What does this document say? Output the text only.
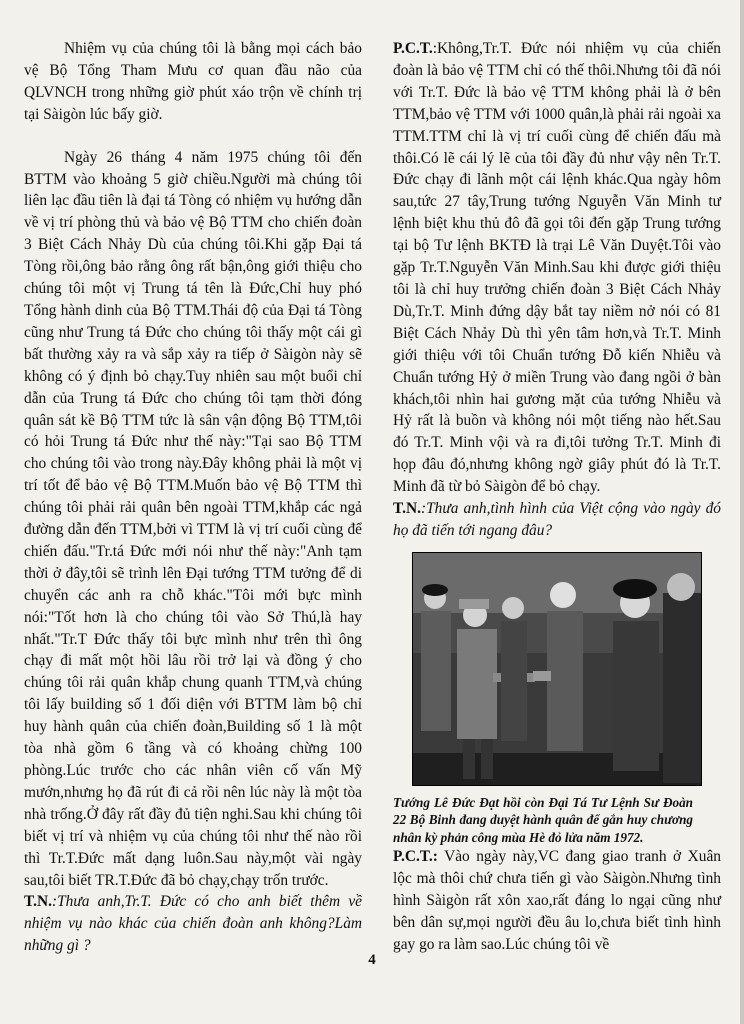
Nhiệm vụ của chúng tôi là bằng mọi cách bảo vệ Bộ Tổng Tham Mưu cơ quan đầu não của QLVNCH trong những giờ phút xáo trộn về chính trị tại Sàigòn lúc bấy giờ.

Ngày 26 tháng 4 năm 1975 chúng tôi đến BTTM vào khoảng 5 giờ chiều.Người mà chúng tôi liên lạc đầu tiên là đại tá Tòng có nhiệm vụ hướng dẫn về vị trí phòng thủ và bảo vệ Bộ TTM cho chiến đoàn 3 Biệt Cách Nhảy Dù của chúng tôi.Khi gặp Đại tá Tòng rồi,ông bảo rằng ông rất bận,ông giới thiệu cho chúng tôi một vị Trung tá tên là Đức,Chỉ huy phó Tổng hành dinh của Bộ TTM.Thái độ của Đại tá Tòng cũng như Trung tá Đức cho chúng tôi thấy một cái gì bất thường xảy ra và sắp xảy ra tiếp ở Sàigòn này sẽ không có ý định bỏ chạy.Tuy nhiên sau một buổi chỉ dẫn của Trung tá Đức cho chúng tôi tạm thời đóng quân sát kề Bộ TTM tức là sân vận động Bộ TTM,tôi có hỏi Trung tá Đức như thế này:"Tại sao Bộ TTM cho chúng tôi vào trong này.Đây không phải là một vị trí tốt để bảo vệ Bộ TTM.Muốn bảo vệ Bộ TTM thì chúng tôi phải rải quân bên ngoài TTM,khắp các ngả đường dẫn đến TTM,bởi vì TTM là vị trí cuối cùng để chiến đấu."Tr.tá Đức mới nói như thế này:"Anh tạm thời ở đây,tôi sẽ trình lên Đại tướng TTM tưởng để di chuyển các anh ra chỗ khác."Tôi mới bực mình nói:"Tốt hơn là cho chúng tôi vào Sở Thú,là hay nhất."Tr.T Đức thấy tôi bực mình như trên thì ông chạy đi mất một hồi lâu rồi trở lại và đồng ý cho chúng tôi rải quân khắp chung quanh TTM,và chúng tôi lấy building số 1 đối diện với BTTM làm bộ chỉ huy hành quân của chiến đoàn,Building số 1 là một tòa nhà gồm 6 tầng và có khoảng chừng 100 phòng.Lúc trước cho các nhân viên cố vấn Mỹ mướn,nhưng họ đã rút đi cả rồi nên lúc này là một tòa nhà trống.Ở đây rất đầy đủ tiện nghi.Sau khi chúng tôi biết vị trí và nhiệm vụ của chúng tôi như thế nào rồi thì Tr.T.Đức mất dạng luôn.Sau này,một vài ngày sau,tôi biết TR.T.Đức đã bỏ chạy,chạy trốn trước.

T.N.:Thưa anh,Tr.T. Đức có cho anh biết thêm về nhiệm vụ nào khác của chiến đoàn anh không?Làm những gì ?

P.C.T.:Không,Tr.T. Đức nói nhiệm vụ của chiến đoàn là bảo vệ TTM chỉ có thế thôi.Nhưng tôi đã nói với Tr.T. Đức là bảo vệ TTM không phải là ở bên TTM,bảo vệ TTM với 1000 quân,là phải rải ngoài xa TTM.TTM chỉ là vị trí cuối cùng để chiến đấu mà thôi.Có lẽ cái lý lẽ của tôi đầy đủ như vậy nên Tr.T. Đức chạy đi lãnh một cái lệnh khác.Qua ngày hôm sau,tức 27 tây,Trung tướng Nguyễn Văn Minh tư lệnh biệt khu thủ đô đã gọi tôi đến gặp Trung tướng tại bộ Tư lệnh BKTĐ là trại Lê Văn Duyệt.Tôi vào gặp Tr.T.Nguyễn Văn Minh.Sau khi được giới thiệu tôi là chỉ huy trưởng chiến đoàn 3 Biệt Cách Nhảy Dù,Tr.T. Minh đứng dậy bắt tay niềm nở nói có 81 Biệt Cách Nhảy Dù thì yên tâm hơn,và Tr.T. Minh giới thiệu với tôi Chuẩn tướng Đỗ kiến Nhiễu và Chuẩn tướng Hỷ ở miền Trung vào đang ngồi ở bàn khách,tôi nhìn hai gương mặt của tướng Nhiễu và Hỷ rất là buồn và không nói một tiếng nào hết.Sau đó Tr.T. Minh vội và ra đi,tôi tưởng Tr.T. Minh đi họp đâu đó,nhưng không ngờ giây phút đó là Tr.T. Minh đã từ bỏ Sàigòn để bỏ chạy.

T.N.:Thưa anh,tình hình của Việt cộng vào ngày đó họ đã tiến tới ngang đâu?

Tướng Lê Đức Đạt hồi còn Đại Tá Tư Lệnh Sư Đoàn 22 Bộ Binh đang duyệt hành quân để gắn huy chương nhân kỳ phản công mùa Hè đỏ lửa năm 1972.

P.C.T.: Vào ngày này,VC đang giao tranh ở Xuân lộc mà thôi chứ chưa tiến gì vào Sàigòn.Nhưng tình hình Sàigòn rất xôn xao,rất đáng lo ngại cũng như bên dân sự,mọi người đều âu lo,chưa biết tình hình gay go ra làm sao.Lúc chúng tôi về

4
